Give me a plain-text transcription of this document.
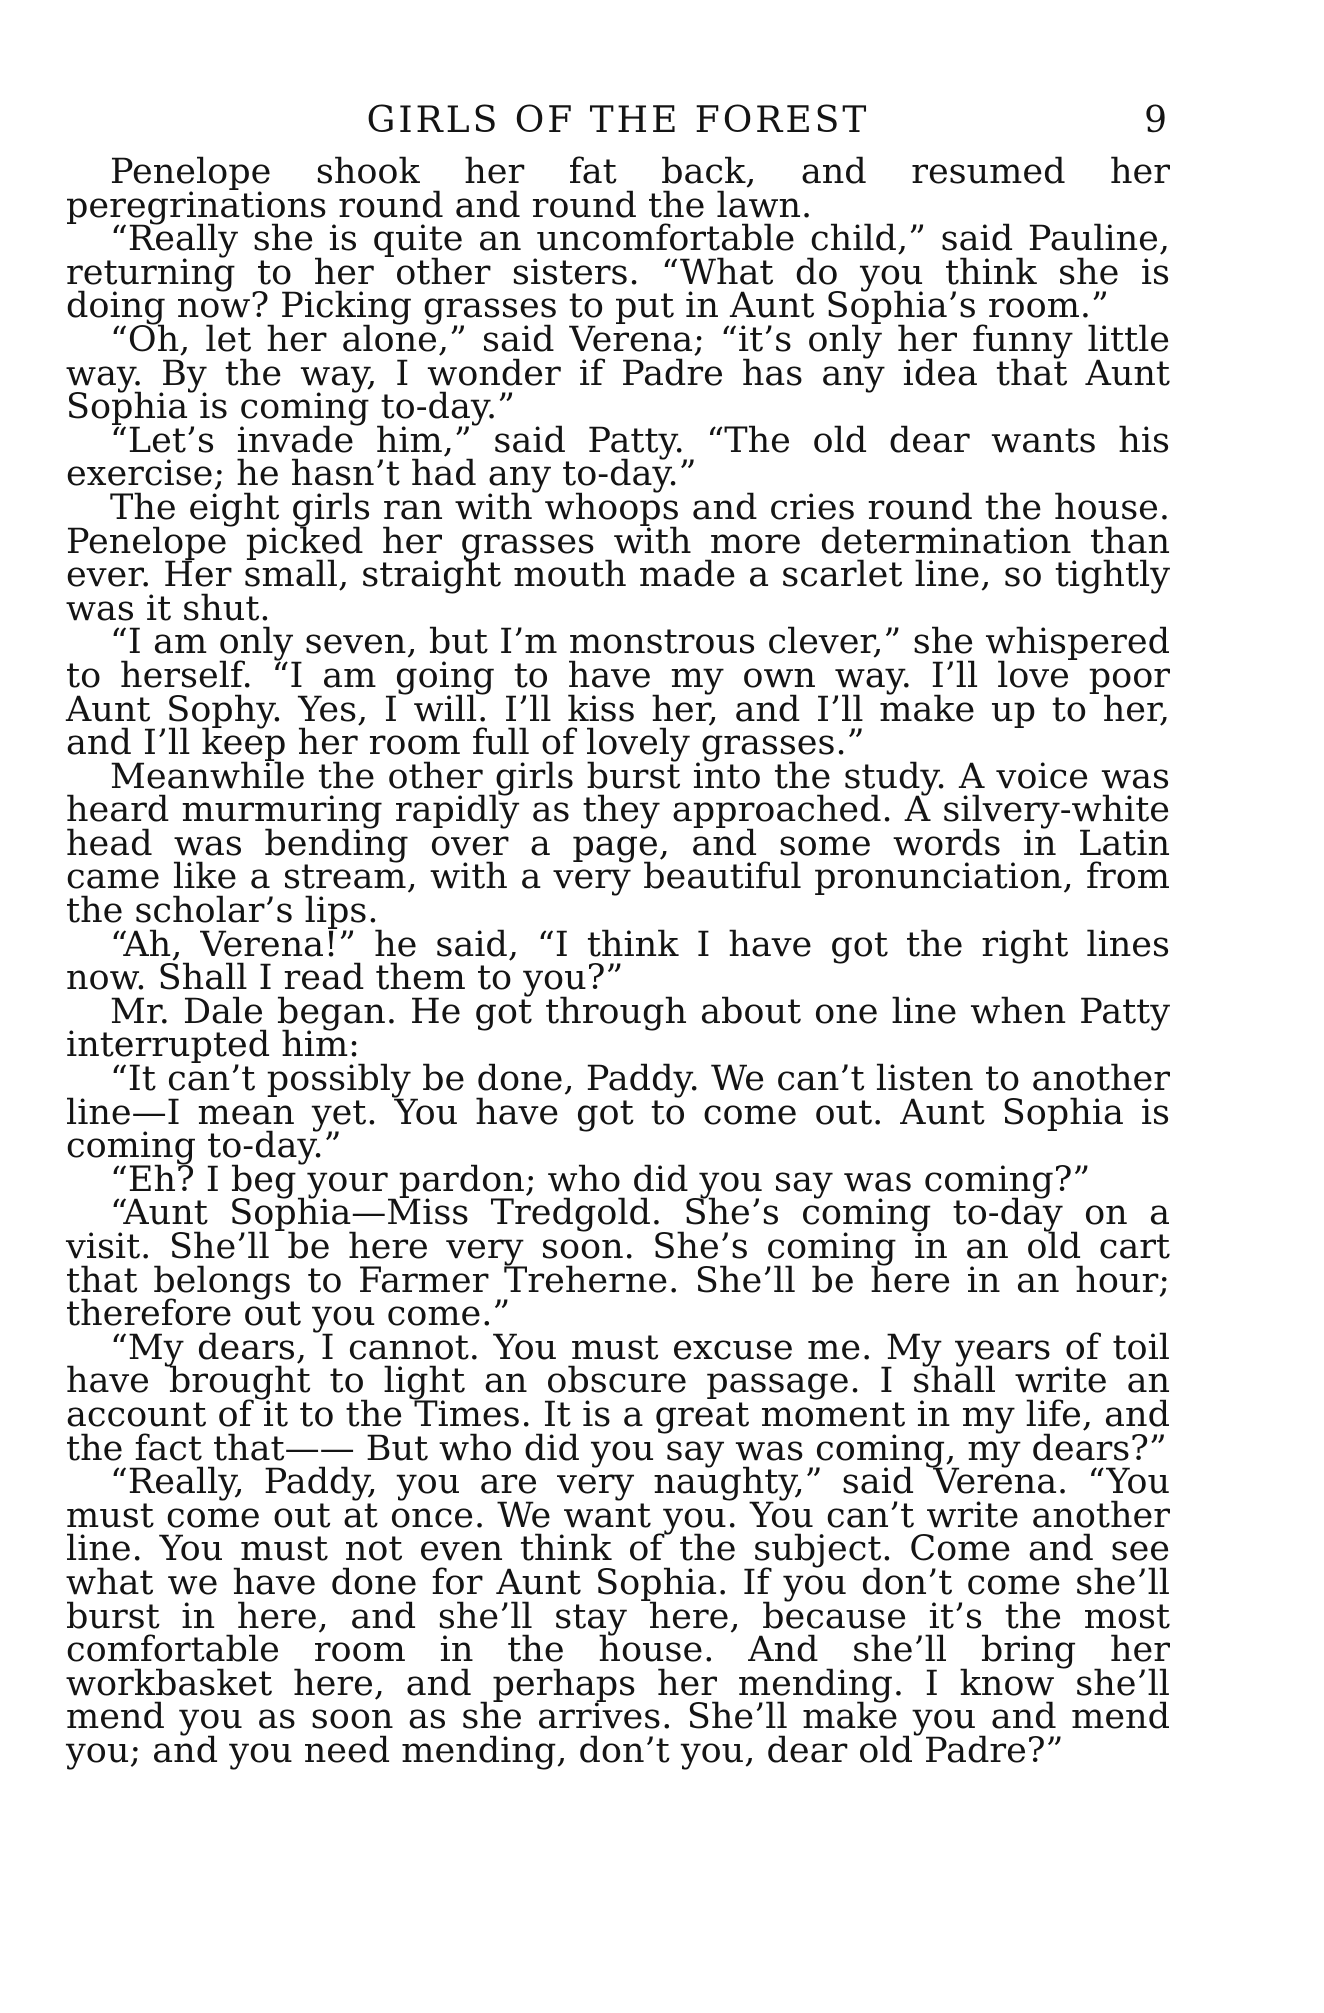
GIRLS OF THE FOREST	9

Penelope shook her fat back, and resumed her peregrinations round and round the lawn.

“Really she is quite an uncomfortable child,” said Pauline, returning to her other sisters. “What do you think she is doing now? Picking grasses to put in Aunt Sophia’s room.”

“Oh, let her alone,” said Verena; “it’s only her funny little way. By the way, I wonder if Padre has any idea that Aunt Sophia is coming to-day.”

“Let’s invade him,” said Patty. “The old dear wants his exercise; he hasn’t had any to-day.”

The eight girls ran with whoops and cries round the house. Penelope picked her grasses with more determination than ever. Her small, straight mouth made a scarlet line, so tightly was it shut.

“I am only seven, but I’m monstrous clever,” she whispered to herself. “I am going to have my own way. I’ll love poor Aunt Sophy. Yes, I will. I’ll kiss her, and I’ll make up to her, and I’ll keep her room full of lovely grasses.”

Meanwhile the other girls burst into the study. A voice was heard murmuring rapidly as they approached. A silvery-white head was bending over a page, and some words in Latin came like a stream, with a very beautiful pronunciation, from the scholar’s lips.

“Ah, Verena!” he said, “I think I have got the right lines now. Shall I read them to you?”

Mr. Dale began. He got through about one line when Patty interrupted him:

“It can’t possibly be done, Paddy. We can’t listen to another line—I mean yet. You have got to come out. Aunt Sophia is coming to-day.”

“Eh? I beg your pardon; who did you say was coming?”

“Aunt Sophia—Miss Tredgold. She’s coming to-day on a visit. She’ll be here very soon. She’s coming in an old cart that belongs to Farmer Treherne. She’ll be here in an hour; therefore out you come.”

“My dears, I cannot. You must excuse me. My years of toil have brought to light an obscure passage. I shall write an account of it to the Times. It is a great moment in my life, and the fact that—— But who did you say was coming, my dears?”

“Really, Paddy, you are very naughty,” said Verena. “You must come out at once. We want you. You can’t write another line. You must not even think of the subject. Come and see what we have done for Aunt Sophia. If you don’t come she’ll burst in here, and she’ll stay here, because it’s the most comfortable room in the house. And she’ll bring her workbasket here, and perhaps her mending. I know she’ll mend you as soon as she arrives. She’ll make you and mend you; and you need mending, don’t you, dear old Padre?”
